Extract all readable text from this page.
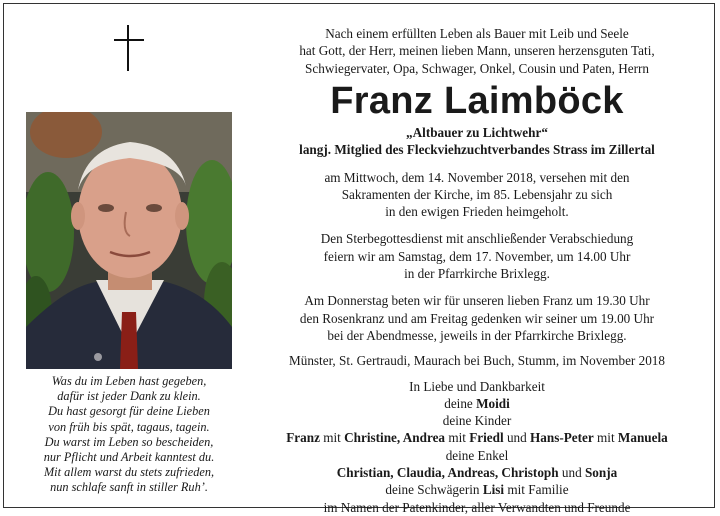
Was du im Leben hast gegeben,
dafür ist jeder Dank zu klein.
Du hast gesorgt für deine Lieben
von früh bis spät, tagaus, tagein.
Du warst im Leben so bescheiden,
nur Pflicht und Arbeit kanntest du.
Mit allem warst du stets zufrieden,
nun schlafe sanft in stiller Ruh’.
Nach einem erfüllten Leben als Bauer mit Leib und Seele
hat Gott, der Herr, meinen lieben Mann, unseren herzensguten Tati,
Schwiegervater, Opa, Schwager, Onkel, Cousin und Paten, Herrn
Franz Laimböck
„Altbauer zu Lichtwehr“
langj. Mitglied des Fleckviehzuchtverbandes Strass im Zillertal
am Mittwoch, dem 14. November 2018, versehen mit den
Sakramenten der Kirche, im 85. Lebensjahr zu sich
in den ewigen Frieden heimgeholt.
Den Sterbegottesdienst mit anschließender Verabschiedung
feiern wir am Samstag, dem 17. November, um 14.00 Uhr
in der Pfarrkirche Brixlegg.
Am Donnerstag beten wir für unseren lieben Franz um 19.30 Uhr
den Rosenkranz und am Freitag gedenken wir seiner um 19.00 Uhr
bei der Abendmesse, jeweils in der Pfarrkirche Brixlegg.
Münster, St. Gertraudi, Maurach bei Buch, Stumm, im November 2018
In Liebe und Dankbarkeit
deine Moidi
deine Kinder
Franz mit Christine, Andrea mit Friedl und Hans-Peter mit Manuela
deine Enkel
Christian, Claudia, Andreas, Christoph und Sonja
deine Schwägerin Lisi mit Familie
im Namen der Patenkinder, aller Verwandten und Freunde
